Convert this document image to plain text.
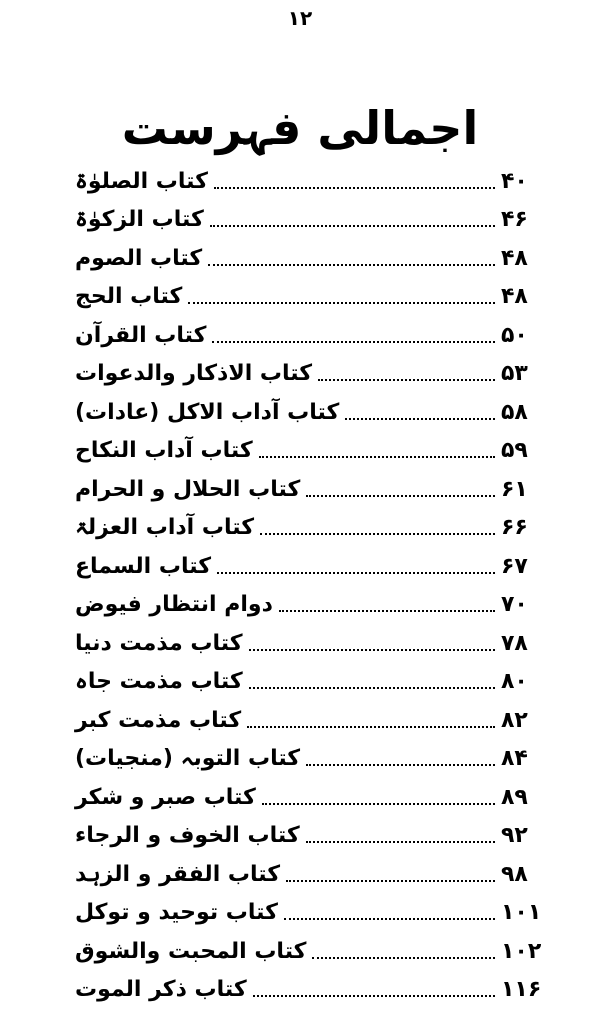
۱۲
اجمالی فہرست
کتاب الصلوٰۃ	۴۰
کتاب الزکوٰۃ	۴۶
کتاب الصوم	۴۸
کتاب الحج	۴۸
کتاب القرآن	۵۰
کتاب الاذکار والدعوات	۵۳
کتاب آداب الاکل (عادات)	۵۸
کتاب آداب النکاح	۵۹
کتاب الحلال و الحرام	۶۱
کتاب آداب العزلۃ	۶۶
کتاب السماع	۶۷
دوام انتظار فیوض	۷۰
کتاب مذمت دنیا	۷۸
کتاب مذمت جاہ	۸۰
کتاب مذمت کبر	۸۲
کتاب التوبہ (منجیات)	۸۴
کتاب صبر و شکر	۸۹
کتاب الخوف و الرجاء	۹۲
کتاب الفقر و الزہد	۹۸
کتاب توحید و توکل	۱۰۱
کتاب المحبت والشوق	۱۰۲
کتاب ذکر الموت	۱۱۶
